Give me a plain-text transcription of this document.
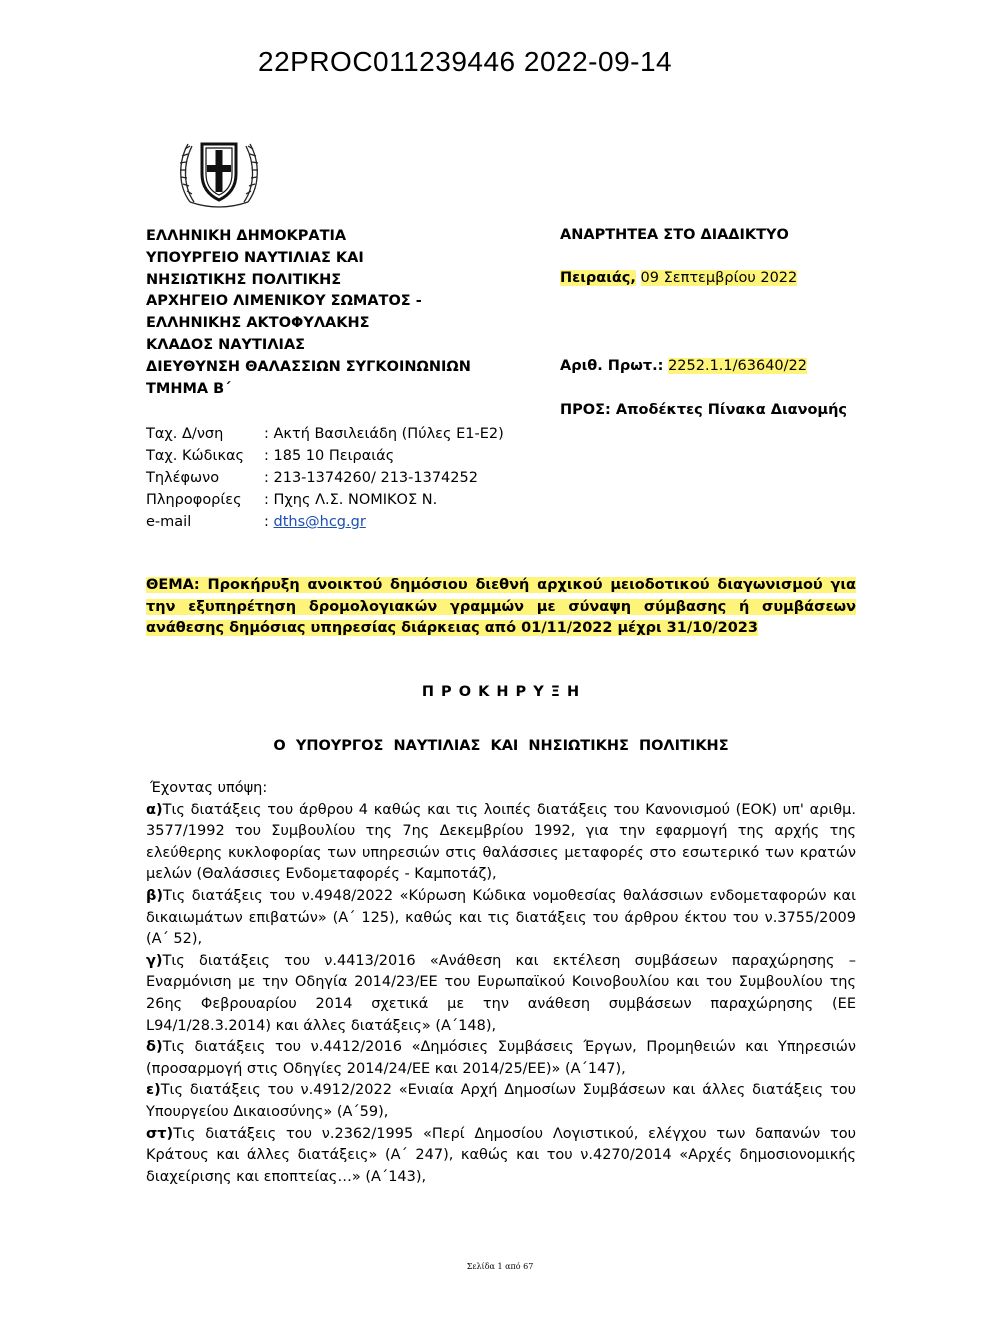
22PROC011239446 2022-09-14
ΕΛΛΗΝΙΚΗ ΔΗΜΟΚΡΑΤΙΑ
ΥΠΟΥΡΓΕΙΟ ΝΑΥΤΙΛΙΑΣ ΚΑΙ
ΝΗΣΙΩΤΙΚΗΣ ΠΟΛΙΤΙΚΗΣ
ΑΡΧΗΓΕΙΟ ΛΙΜΕΝΙΚΟΥ ΣΩΜΑΤΟΣ -
ΕΛΛΗΝΙΚΗΣ ΑΚΤΟΦΥΛΑΚΗΣ
ΚΛΑΔΟΣ ΝΑΥΤΙΛΙΑΣ
ΔΙΕΥΘΥΝΣΗ ΘΑΛΑΣΣΙΩΝ ΣΥΓΚΟΙΝΩΝΙΩΝ
ΤΜΗΜΑ Β΄
ΑΝΑΡΤΗΤΕΑ ΣΤΟ ΔΙΑΔΙΚΤΥΟ
Πειραιάς, 09 Σεπτεμβρίου 2022
Αριθ. Πρωτ.: 2252.1.1/63640/22
ΠΡΟΣ: Αποδέκτες Πίνακα Διανομής
Ταχ. Δ/νση	: Ακτή Βασιλειάδη (Πύλες Ε1-Ε2)
Ταχ. Κώδικας	: 185 10 Πειραιάς
Τηλέφωνο	: 213-1374260/ 213-1374252
Πληροφορίες	: Πχης Λ.Σ. ΝΟΜΙΚΟΣ Ν.
e-mail	: dths@hcg.gr
ΘΕΜΑ: Προκήρυξη ανοικτού δημόσιου διεθνή αρχικού μειοδοτικού διαγωνισμού για την εξυπηρέτηση δρομολογιακών γραμμών με σύναψη σύμβασης ή συμβάσεων ανάθεσης δημόσιας υπηρεσίας διάρκειας από 01/11/2022 μέχρι 31/10/2023
Π Ρ Ο Κ Η Ρ Υ Ξ Η
Ο  ΥΠΟΥΡΓΟΣ  ΝΑΥΤΙΛΙΑΣ  ΚΑΙ  ΝΗΣΙΩΤΙΚΗΣ  ΠΟΛΙΤΙΚΗΣ

Έχοντας υπόψη:

α)Τις διατάξεις του άρθρου 4 καθώς και τις λοιπές διατάξεις του Κανονισμού (ΕΟΚ) υπ' αριθμ. 3577/1992 του Συμβουλίου της 7ης Δεκεμβρίου 1992, για την εφαρμογή της αρχής της ελεύθερης κυκλοφορίας των υπηρεσιών στις θαλάσσιες μεταφορές στο εσωτερικό των κρατών μελών (Θαλάσσιες Ενδομεταφορές - Καμποτάζ),

β)Τις διατάξεις του ν.4948/2022 «Κύρωση Κώδικα νομοθεσίας θαλάσσιων ενδομεταφορών και δικαιωμάτων επιβατών» (Α΄ 125), καθώς και τις διατάξεις του άρθρου έκτου του ν.3755/2009 (Α΄ 52),

γ)Τις διατάξεις του ν.4413/2016 «Ανάθεση και εκτέλεση συμβάσεων παραχώρησης – Εναρμόνιση με την Οδηγία 2014/23/ΕΕ του Ευρωπαϊκού Κοινοβουλίου και του Συμβουλίου της 26ης Φεβρουαρίου 2014 σχετικά με την ανάθεση συμβάσεων παραχώρησης (ΕΕ L94/1/28.3.2014) και άλλες διατάξεις» (Α΄148),

δ)Τις διατάξεις του ν.4412/2016 «Δημόσιες Συμβάσεις Έργων, Προμηθειών και Υπηρεσιών (προσαρμογή στις Οδηγίες 2014/24/ΕΕ και 2014/25/ΕΕ)» (Α΄147),

ε)Τις διατάξεις του ν.4912/2022 «Ενιαία Αρχή Δημοσίων Συμβάσεων και άλλες διατάξεις του Υπουργείου Δικαιοσύνης» (Α΄59),

στ)Τις διατάξεις του ν.2362/1995 «Περί Δημοσίου Λογιστικού, ελέγχου των δαπανών του Κράτους και άλλες διατάξεις» (Α΄ 247), καθώς και του ν.4270/2014 «Αρχές δημοσιονομικής διαχείρισης και εποπτείας…» (Α΄143),

Σελίδα 1 από 67
